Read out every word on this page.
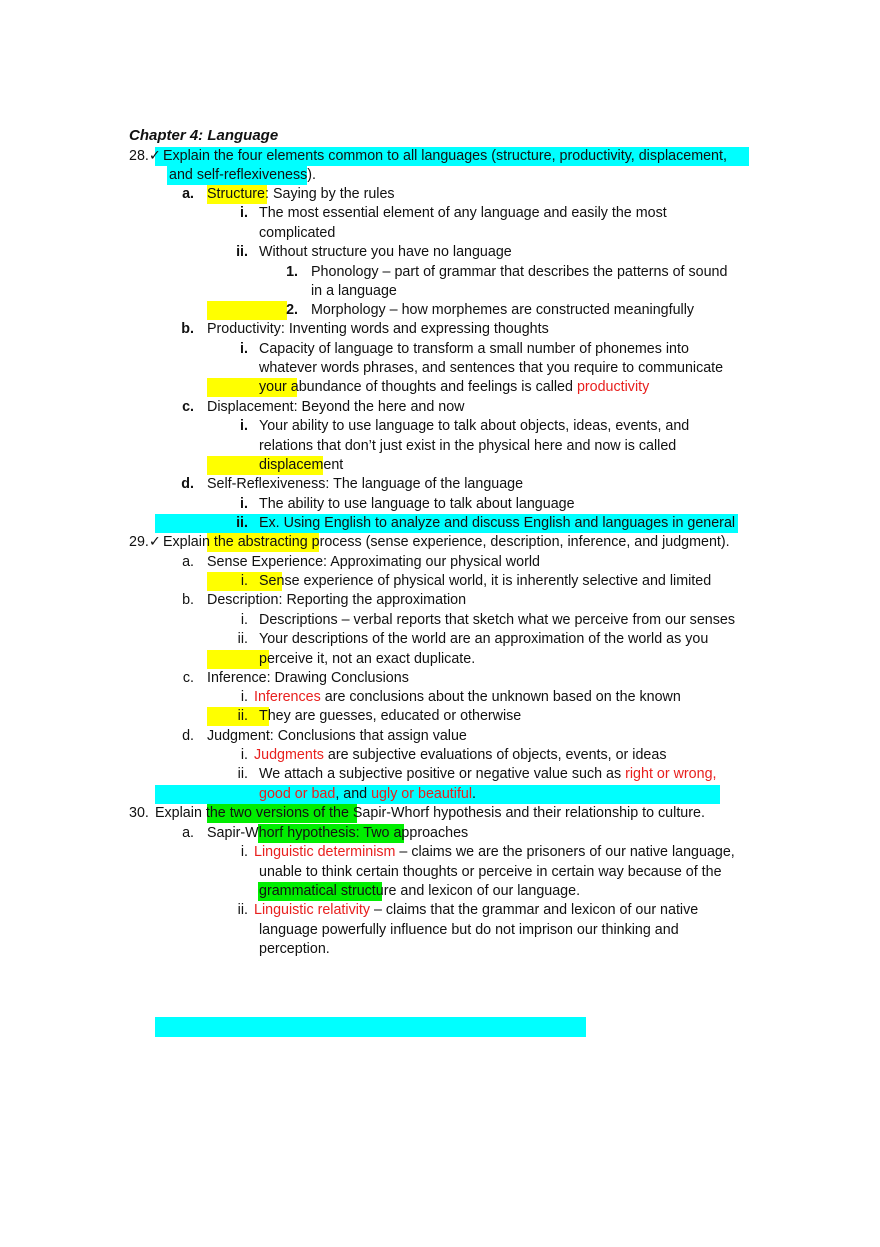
Chapter 4: Language
28.✓ Explain the four elements common to all languages (structure, productivity, displacement,
and self-reflexiveness).
a. Structure: Saying by the rules
i. The most essential element of any language and easily the most
complicated
ii. Without structure you have no language
1. Phonology – part of grammar that describes the patterns of sound
in a language
2. Morphology – how morphemes are constructed meaningfully
b. Productivity: Inventing words and expressing thoughts
i. Capacity of language to transform a small number of phonemes into
whatever words phrases, and sentences that you require to communicate
your abundance of thoughts and feelings is called productivity
c. Displacement: Beyond the here and now
i. Your ability to use language to talk about objects, ideas, events, and
relations that don’t just exist in the physical here and now is called
displacement
d. Self-Reflexiveness: The language of the language
i. The ability to use language to talk about language
ii. Ex. Using English to analyze and discuss English and languages in general
29.✓ Explain the abstracting process (sense experience, description, inference, and judgment).
a. Sense Experience: Approximating our physical world
i. Sense experience of physical world, it is inherently selective and limited
b. Description: Reporting the approximation
i. Descriptions – verbal reports that sketch what we perceive from our senses
ii. Your descriptions of the world are an approximation of the world as you
perceive it, not an exact duplicate.
c. Inference: Drawing Conclusions
i. Inferences are conclusions about the unknown based on the known
ii. They are guesses, educated or otherwise
d. Judgment: Conclusions that assign value
i. Judgments are subjective evaluations of objects, events, or ideas
ii. We attach a subjective positive or negative value such as right or wrong,
good or bad, and ugly or beautiful.
30. Explain the two versions of the Sapir-Whorf hypothesis and their relationship to culture.
a. Sapir-Whorf hypothesis: Two approaches
i. Linguistic determinism – claims we are the prisoners of our native language,
unable to think certain thoughts or perceive in certain way because of the
grammatical structure and lexicon of our language.
ii. Linguistic relativity – claims that the grammar and lexicon of our native
language powerfully influence but do not imprison our thinking and
perception.
